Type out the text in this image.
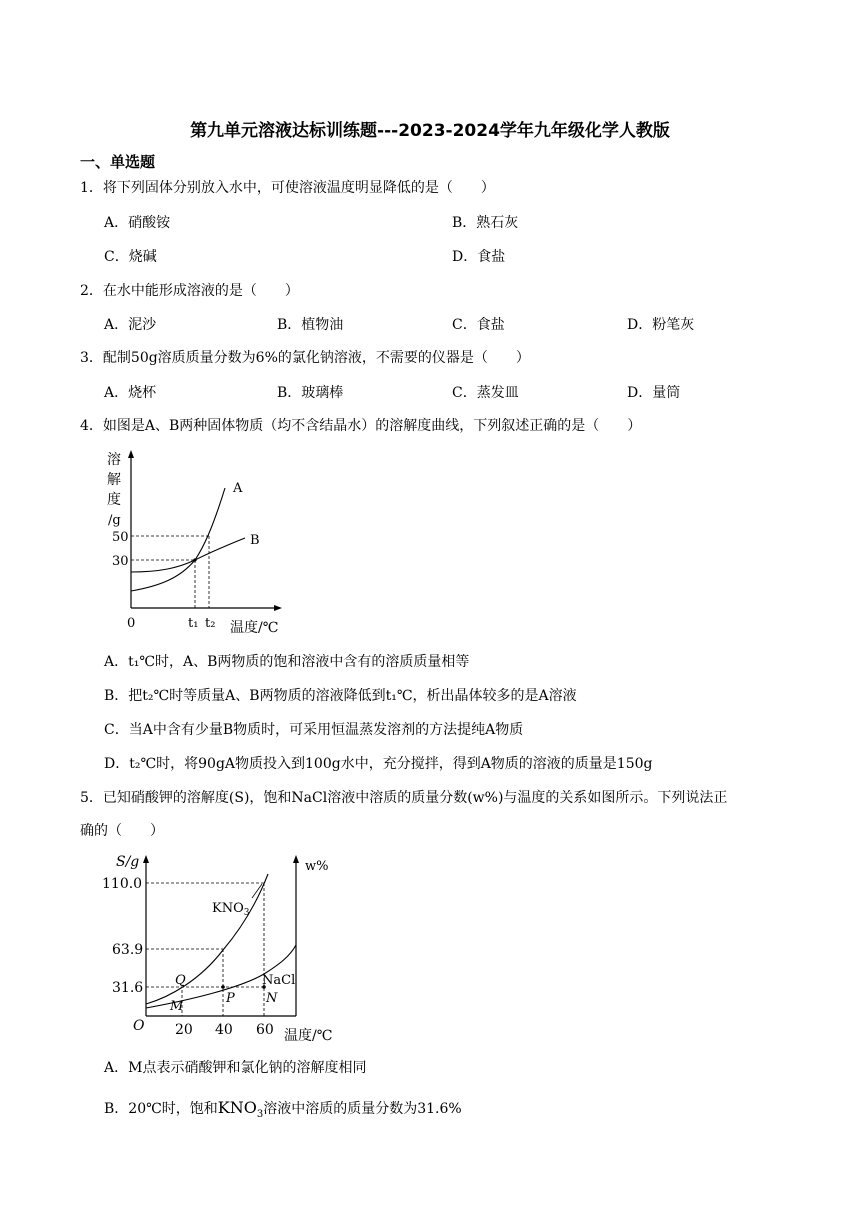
第九单元溶液达标训练题---2023-2024学年九年级化学人教版
一、单选题
1．将下列固体分别放入水中，可使溶液温度明显降低的是（　　）
A．硝酸铵	B．熟石灰
C．烧碱	D．食盐
2．在水中能形成溶液的是（　　）
A．泥沙	B．植物油	C．食盐	D．粉笔灰
3．配制50g溶质质量分数为6%的氯化钠溶液，不需要的仪器是（　　）
A．烧杯	B．玻璃棒	C．蒸发皿	D．量筒
4．如图是A、B两种固体物质（均不含结晶水）的溶解度曲线，下列叙述正确的是（　　）
溶
解
度
/g
A
B
50
30
0	t₁ t₂ 温度/℃
A．t₁℃时，A、B两物质的饱和溶液中含有的溶质质量相等
B．把t₂℃时等质量A、B两物质的溶液降低到t₁℃，析出晶体较多的是A溶液
C．当A中含有少量B物质时，可采用恒温蒸发溶剂的方法提纯A物质
D．t₂℃时，将90gA物质投入到100g水中，充分搅拌，得到A物质的溶液的质量是150g
5．已知硝酸钾的溶解度(S)，饱和NaCl溶液中溶质的质量分数(w%)与温度的关系如图所示。下列说法正
确的（　　）
S/g	w%
110.0
63.9
31.6
O 20 40 60 温度/℃
$KNO_3$
NaCl
Q
M
P N
A．M点表示硝酸钾和氯化钠的溶解度相同
B．20℃时，饱和$KNO_3$溶液中溶质的质量分数为31.6%
